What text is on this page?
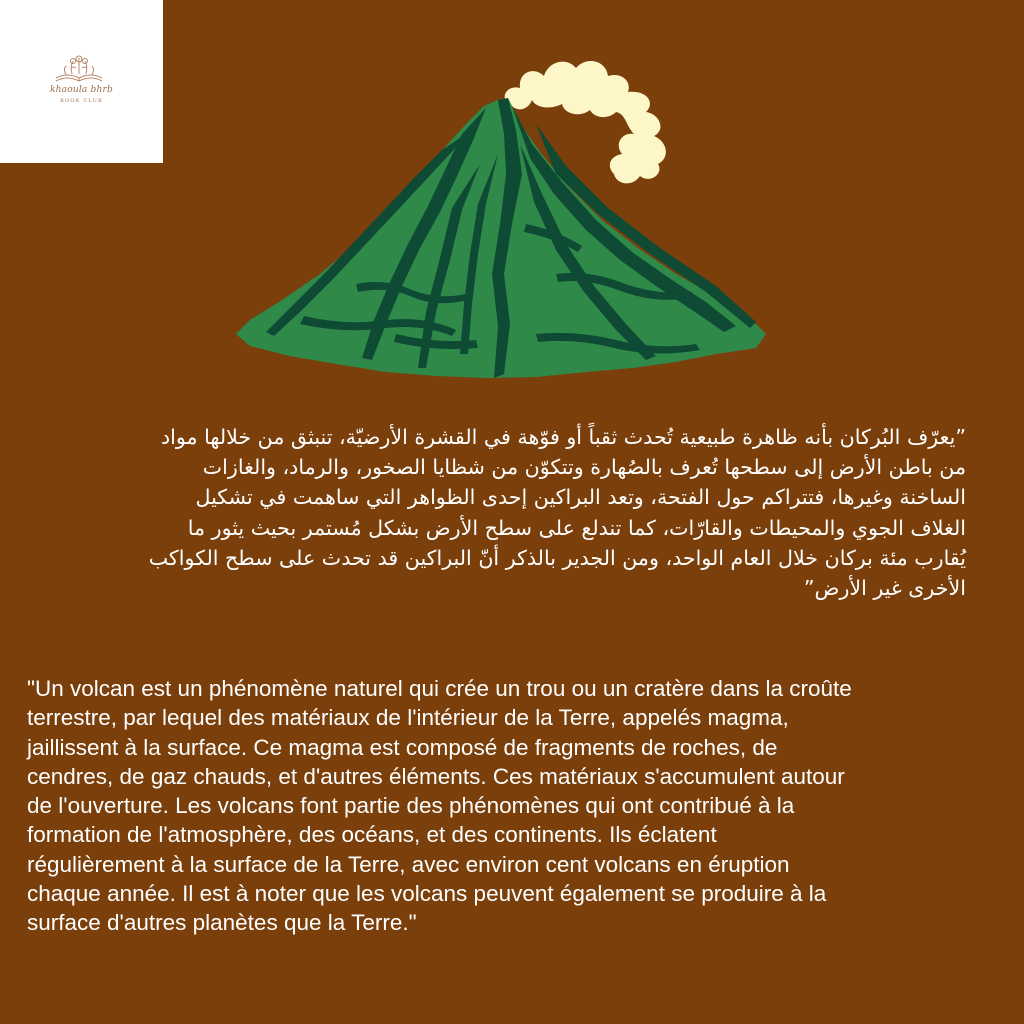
khaoula bhrb
BOOK CLUB
”يعرّف البُركان بأنه ظاهرة طبيعية تُحدث ثقباً أو فوّهة في القشرة الأرضيّة، تنبثق من خلالها مواد
من باطن الأرض إلى سطحها تُعرف بالصُهارة وتتكوّن من شظايا الصخور، والرماد، والغازات
الساخنة وغيرها، فتتراكم حول الفتحة، وتعد البراكين إحدى الظواهر التي ساهمت في تشكيل
الغلاف الجوي والمحيطات والقارّات، كما تندلع على سطح الأرض بشكل مُستمر بحيث يثور ما
يُقارب مئة بركان خلال العام الواحد، ومن الجدير بالذكر أنّ البراكين قد تحدث على سطح الكواكب
الأخرى غير الأرض”
"Un volcan est un phénomène naturel qui crée un trou ou un cratère dans la croûte
terrestre, par lequel des matériaux de l'intérieur de la Terre, appelés magma,
jaillissent à la surface. Ce magma est composé de fragments de roches, de
cendres, de gaz chauds, et d'autres éléments. Ces matériaux s'accumulent autour
de l'ouverture. Les volcans font partie des phénomènes qui ont contribué à la
formation de l'atmosphère, des océans, et des continents. Ils éclatent
régulièrement à la surface de la Terre, avec environ cent volcans en éruption
chaque année. Il est à noter que les volcans peuvent également se produire à la
surface d'autres planètes que la Terre."
